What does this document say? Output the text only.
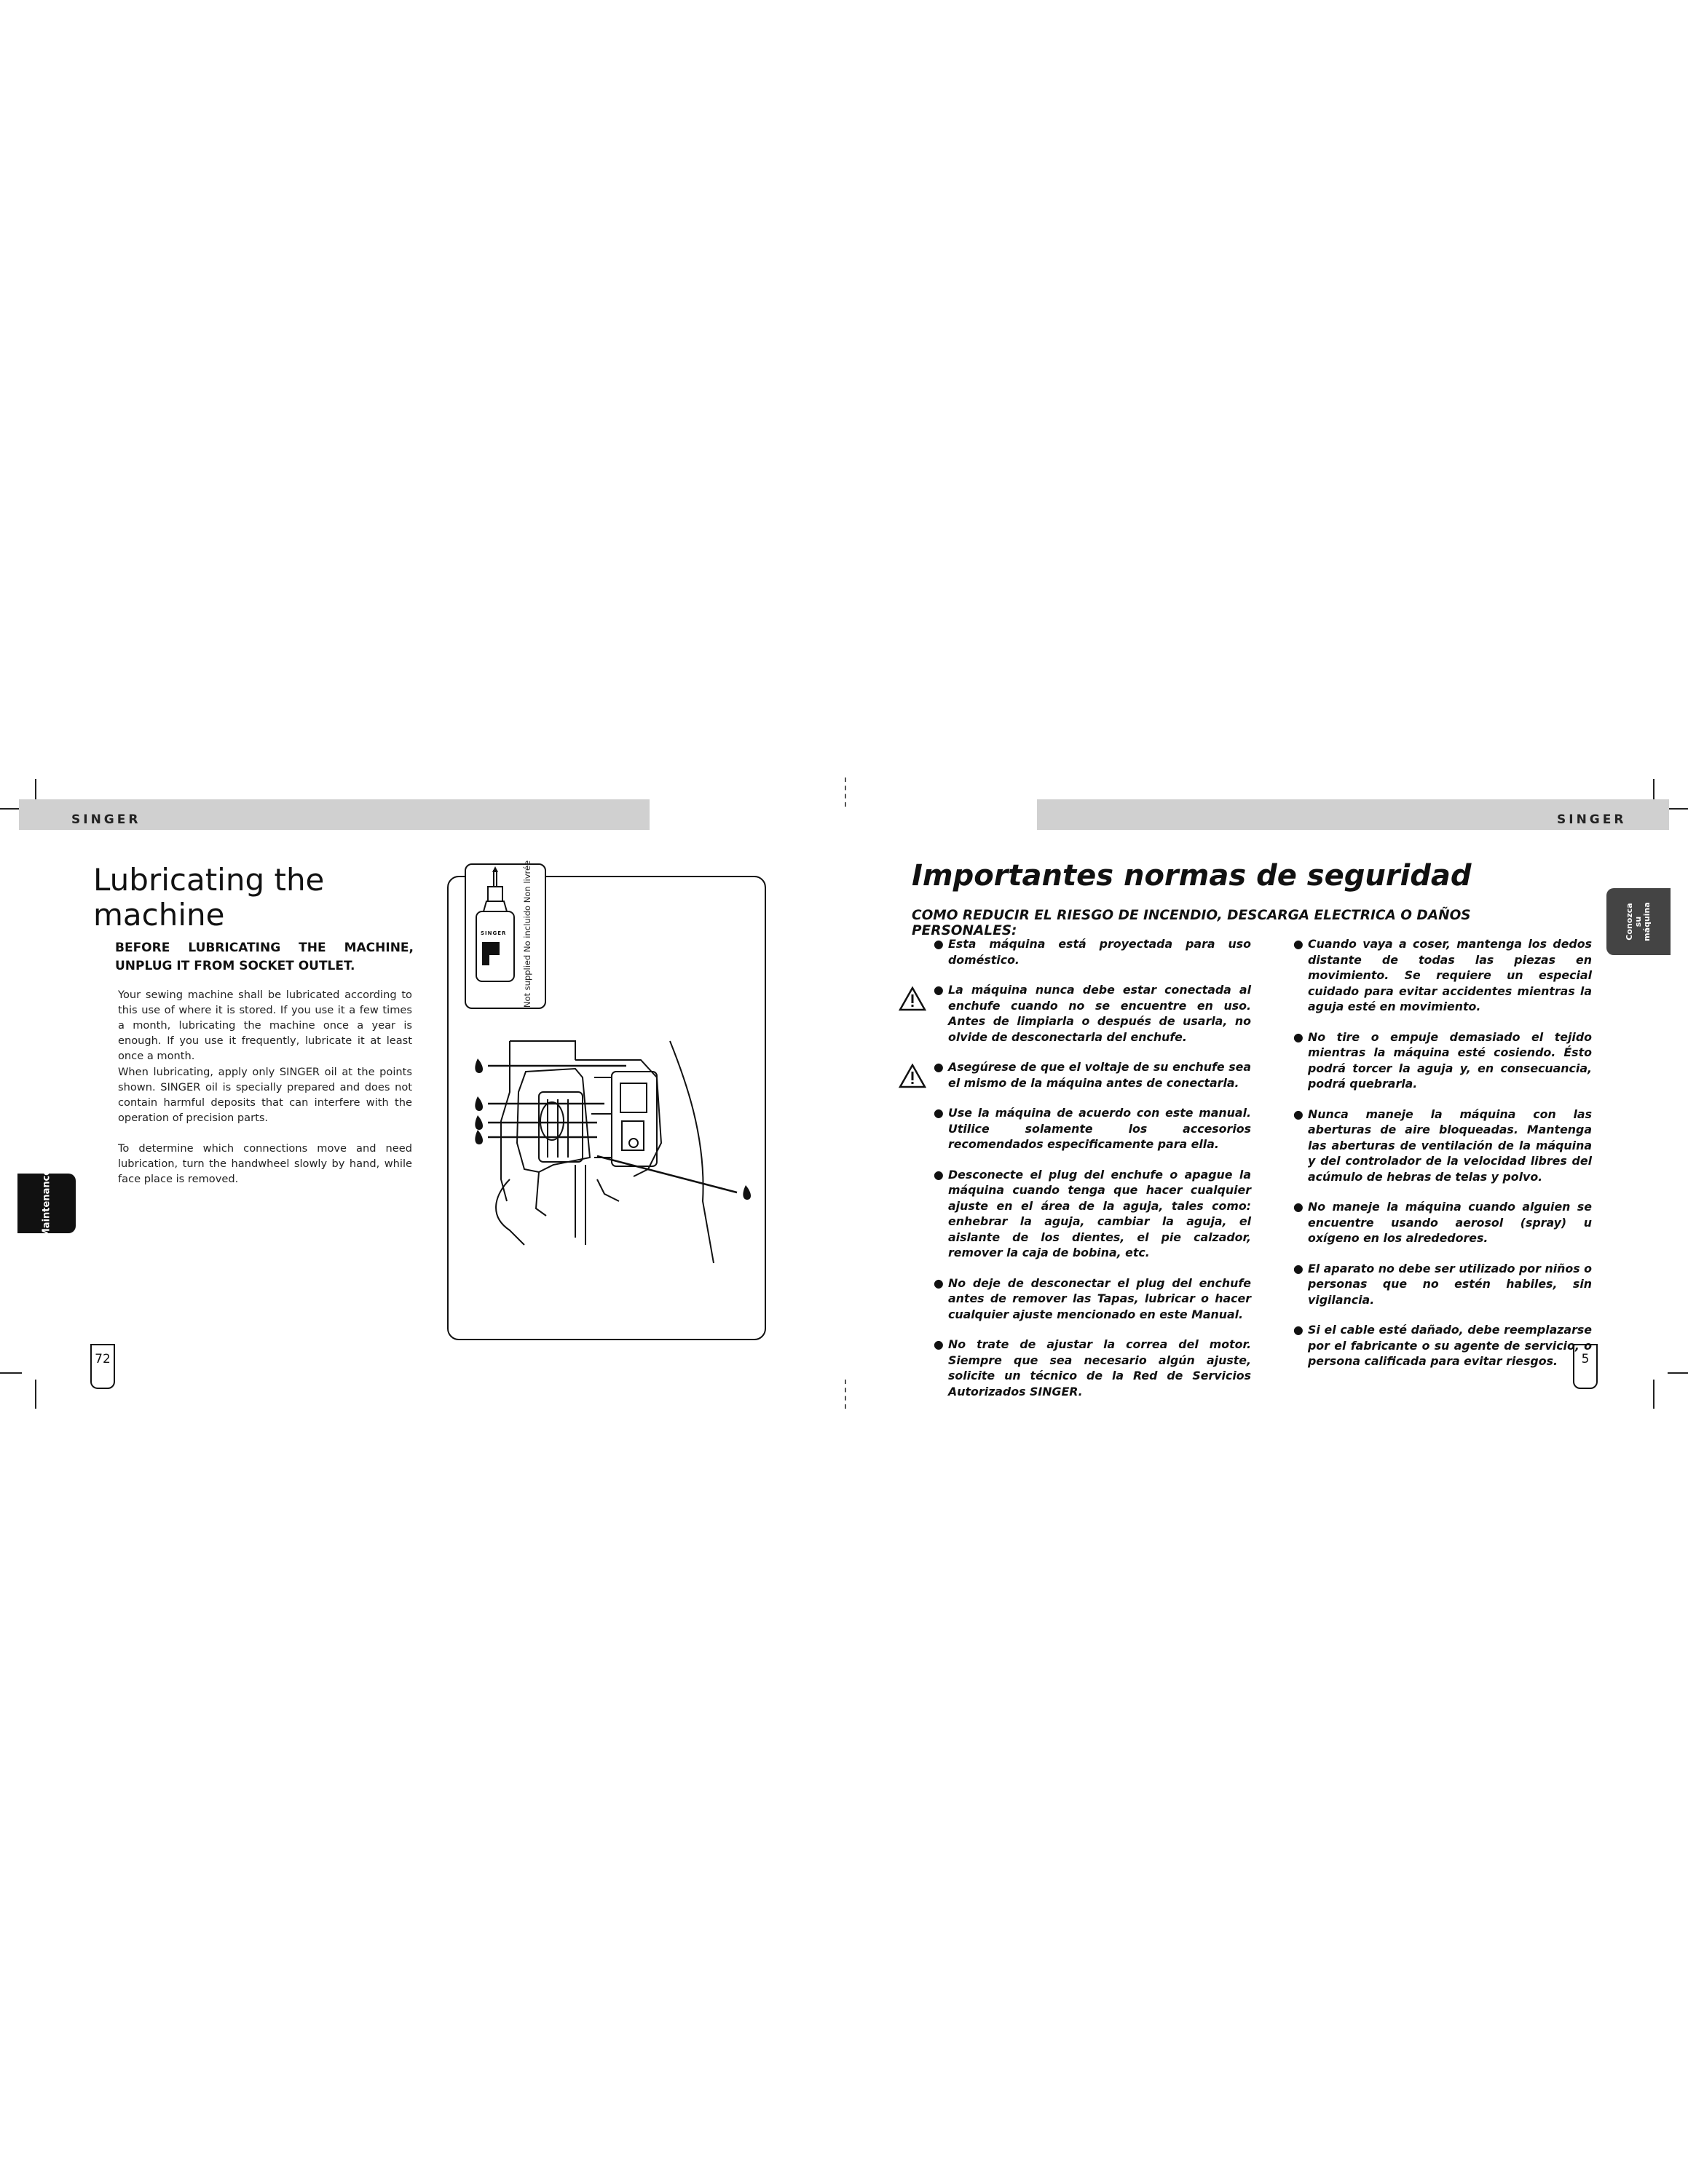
SINGER
Lubricating the
machine
BEFORE LUBRICATING THE MACHINE, UNPLUG IT FROM SOCKET OUTLET.
Your sewing machine shall be lubricated according to this use of where it is stored. If you use it a few times a month, lubricating the machine once a year is enough. If you use it frequently, lubricate it at least once a month.
When lubricating, apply only SINGER oil at the points shown. SINGER oil is specially prepared and does not contain harmful deposits that can interfere with the operation of precision parts.
To determine which connections move and need lubrication, turn the handwheel slowly by hand, while face place is removed.
Maintenance
SINGER Not supplied No incluido Non livrée
72
SINGER
Importantes normas de seguridad
COMO REDUCIR EL RIESGO DE INCENDIO, DESCARGA ELECTRICA O DAÑOS PERSONALES:	Conozca su máquina
● Esta máquina está proyectada para uso doméstico.
● La máquina nunca debe estar conectada al enchufe cuando no se encuentre en uso. Antes de limpiarla o después de usarla, no olvide de desconectarla del enchufe.
● Asegúrese de que el voltaje de su enchufe sea el mismo de la máquina antes de conectarla.
● Use la máquina de acuerdo con este manual. Utilice solamente los accesorios recomendados especificamente para ella.
● Desconecte el plug del enchufe o apague la máquina cuando tenga que hacer cualquier ajuste en el área de la aguja, tales como: enhebrar la aguja, cambiar la aguja, el aislante de los dientes, el pie calzador, remover la caja de bobina, etc.
● No deje de desconectar el plug del enchufe antes de remover las Tapas, lubricar o hacer cualquier ajuste mencionado en este Manual.
● No trate de ajustar la correa del motor. Siempre que sea necesario algún ajuste, solicite un técnico de la Red de Servicios Autorizados SINGER.
● Cuando vaya a coser, mantenga los dedos distante de todas las piezas en movimiento. Se requiere un especial cuidado para evitar accidentes mientras la aguja esté en movimiento.
● No tire o empuje demasiado el tejido mientras la máquina esté cosiendo. Ésto podrá torcer la aguja y, en consecuancia, podrá quebrarla.
● Nunca maneje la máquina con las aberturas de aire bloqueadas. Mantenga las aberturas de ventilación de la máquina y del controlador de la velocidad libres del acúmulo de hebras de telas y polvo.
● No maneje la máquina cuando alguien se encuentre usando aerosol (spray) u oxígeno en los alrededores.
● El aparato no debe ser utilizado por niños o personas que no estén habiles, sin vigilancia.
● Si el cable esté dañado, debe reemplazarse por el fabricante o su agente de servicio, o persona calificada para evitar riesgos.	5
